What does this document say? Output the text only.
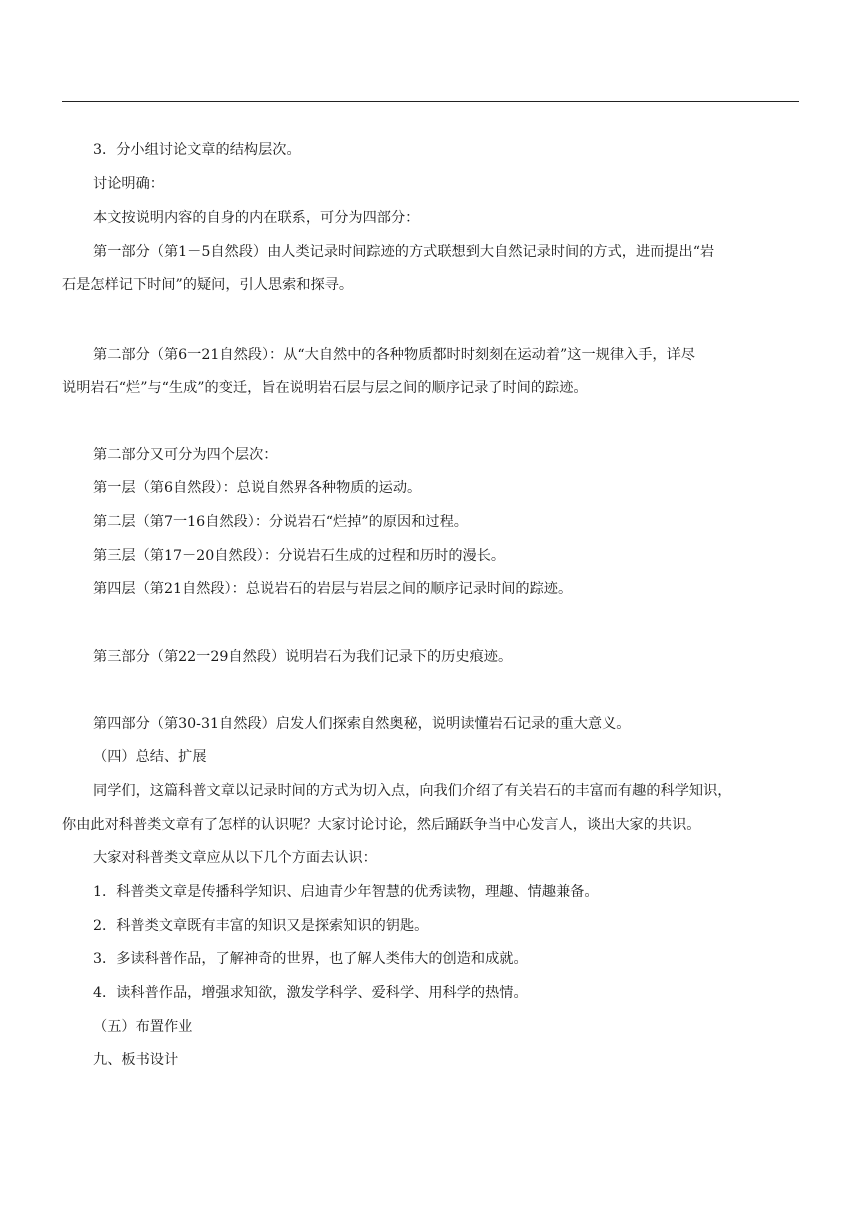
3．分小组讨论文章的结构层次。
讨论明确：
本文按说明内容的自身的内在联系，可分为四部分：
第一部分（第1－5自然段）由人类记录时间踪迹的方式联想到大自然记录时间的方式，进而提出“岩
石是怎样记下时间”的疑问，引人思索和探寻。
第二部分（第6一21自然段）：从“大自然中的各种物质都时时刻刻在运动着”这一规律入手，详尽
说明岩石“烂”与“生成”的变迁，旨在说明岩石层与层之间的顺序记录了时间的踪迹。
第二部分又可分为四个层次：
第一层（第6自然段）：总说自然界各种物质的运动。
第二层（第7一16自然段）：分说岩石“烂掉”的原因和过程。
第三层（第17－20自然段）：分说岩石生成的过程和历时的漫长。
第四层（第21自然段）：总说岩石的岩层与岩层之间的顺序记录时间的踪迹。
第三部分（第22一29自然段）说明岩石为我们记录下的历史痕迹。
第四部分（第30-31自然段）启发人们探索自然奥秘，说明读懂岩石记录的重大意义。
（四）总结、扩展
同学们，这篇科普文章以记录时间的方式为切入点，向我们介绍了有关岩石的丰富而有趣的科学知识，
你由此对科普类文章有了怎样的认识呢？大家讨论讨论，然后踊跃争当中心发言人，谈出大家的共识。
大家对科普类文章应从以下几个方面去认识：
1．科普类文章是传播科学知识、启迪青少年智慧的优秀读物，理趣、情趣兼备。
2．科普类文章既有丰富的知识又是探索知识的钥匙。
3．多读科普作品，了解神奇的世界，也了解人类伟大的创造和成就。
4．读科普作品，增强求知欲，激发学科学、爱科学、用科学的热情。
（五）布置作业
九、板书设计
